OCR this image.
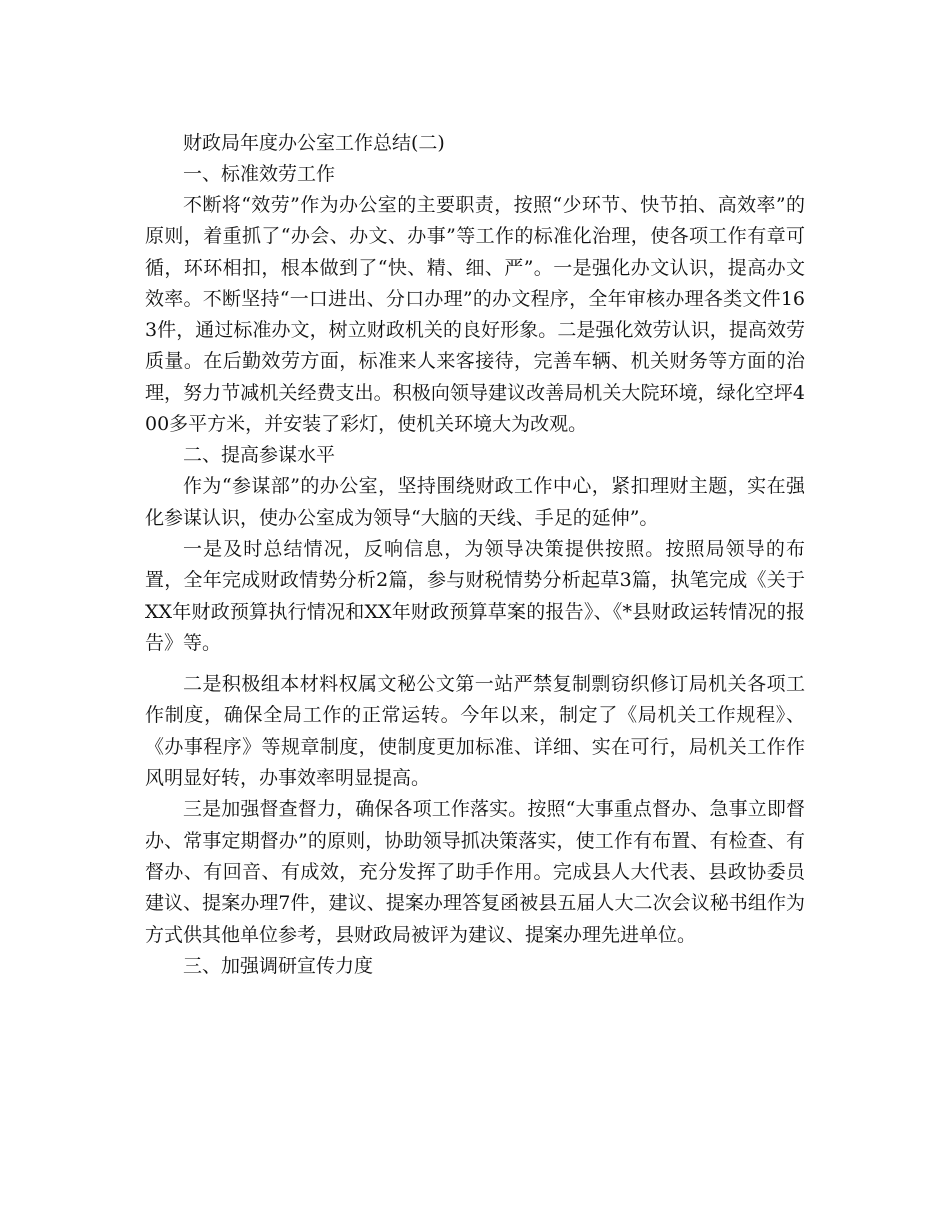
财政局年度办公室工作总结(二)

一、标准效劳工作

不断将“效劳”作为办公室的主要职责，按照“少环节、快节拍、高效率”的原则，着重抓了“办会、办文、办事”等工作的标准化治理，使各项工作有章可循，环环相扣，根本做到了“快、精、细、严”。一是强化办文认识，提高办文效率。不断坚持“一口进出、分口办理”的办文程序，全年审核办理各类文件163件，通过标准办文，树立财政机关的良好形象。二是强化效劳认识，提高效劳质量。在后勤效劳方面，标准来人来客接待，完善车辆、机关财务等方面的治理，努力节减机关经费支出。积极向领导建议改善局机关大院环境，绿化空坪400多平方米，并安装了彩灯，使机关环境大为改观。

二、提高参谋水平

作为“参谋部”的办公室，坚持围绕财政工作中心，紧扣理财主题，实在强化参谋认识，使办公室成为领导“大脑的天线、手足的延伸”。

一是及时总结情况，反响信息，为领导决策提供按照。按照局领导的布置，全年完成财政情势分析2篇，参与财税情势分析起草3篇，执笔完成《关于XX年财政预算执行情况和XX年财政预算草案的报告》、《*县财政运转情况的报告》等。

二是积极组本材料权属文秘公文第一站严禁复制剽窃织修订局机关各项工作制度，确保全局工作的正常运转。今年以来，制定了《局机关工作规程》、《办事程序》等规章制度，使制度更加标准、详细、实在可行，局机关工作作风明显好转，办事效率明显提高。

三是加强督查督力，确保各项工作落实。按照“大事重点督办、急事立即督办、常事定期督办”的原则，协助领导抓决策落实，使工作有布置、有检查、有督办、有回音、有成效，充分发挥了助手作用。完成县人大代表、县政协委员建议、提案办理7件，建议、提案办理答复函被县五届人大二次会议秘书组作为方式供其他单位参考，县财政局被评为建议、提案办理先进单位。

三、加强调研宣传力度
